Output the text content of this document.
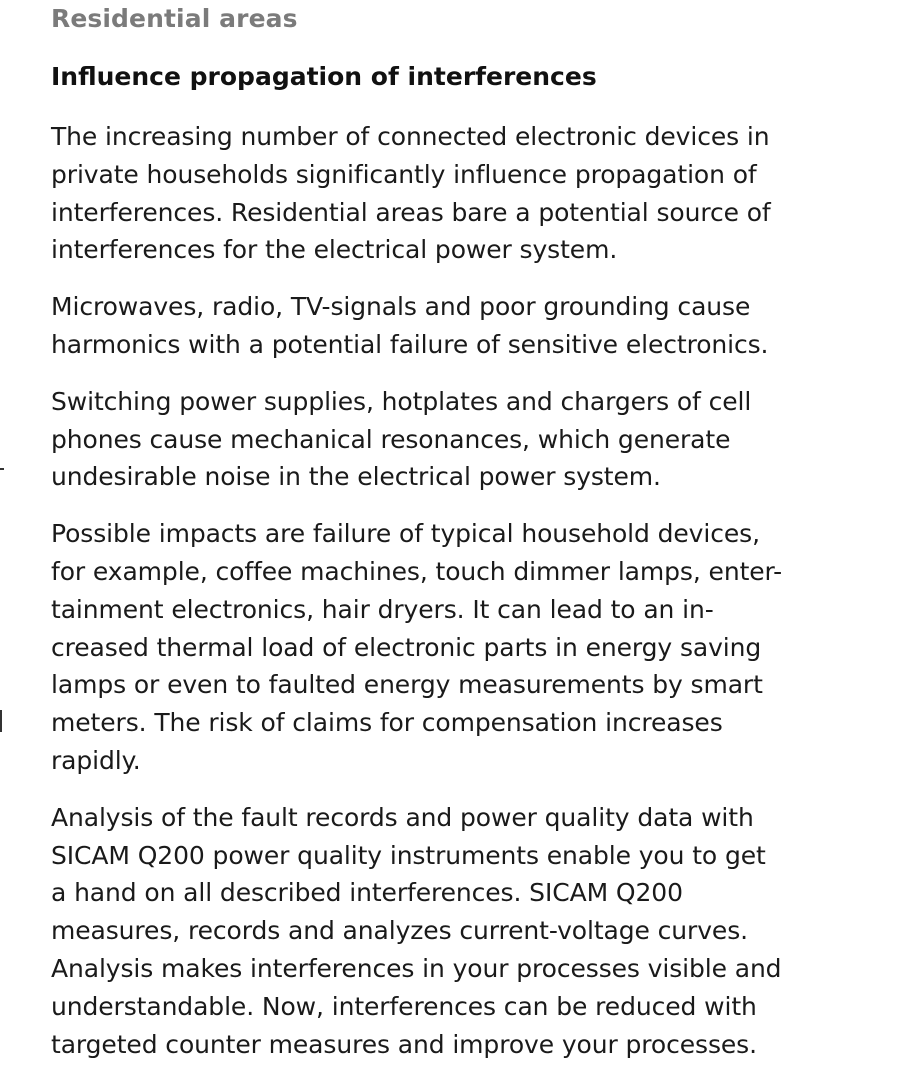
Residential areas
Influence propagation of interferences

The increasing number of connected electronic devices in
private households significantly influence propagation of
interferences. Residential areas bare a potential source of
interferences for the electrical power system.

Microwaves, radio, TV-signals and poor grounding cause
harmonics with a potential failure of sensitive electronics.

Switching power supplies, hotplates and chargers of cell
phones cause mechanical resonances, which generate
undesirable noise in the electrical power system.

Possible impacts are failure of typical household devices,
for example, coffee machines, touch dimmer lamps, enter-
tainment electronics, hair dryers. It can lead to an in-
creased thermal load of electronic parts in energy saving
lamps or even to faulted energy measurements by smart
meters. The risk of claims for compensation increases
rapidly.

Analysis of the fault records and power quality data with
SICAM Q200 power quality instruments enable you to get
a hand on all described interferences. SICAM Q200
measures, records and analyzes current-voltage curves.
Analysis makes interferences in your processes visible and
understandable. Now, interferences can be reduced with
targeted counter measures and improve your processes.
